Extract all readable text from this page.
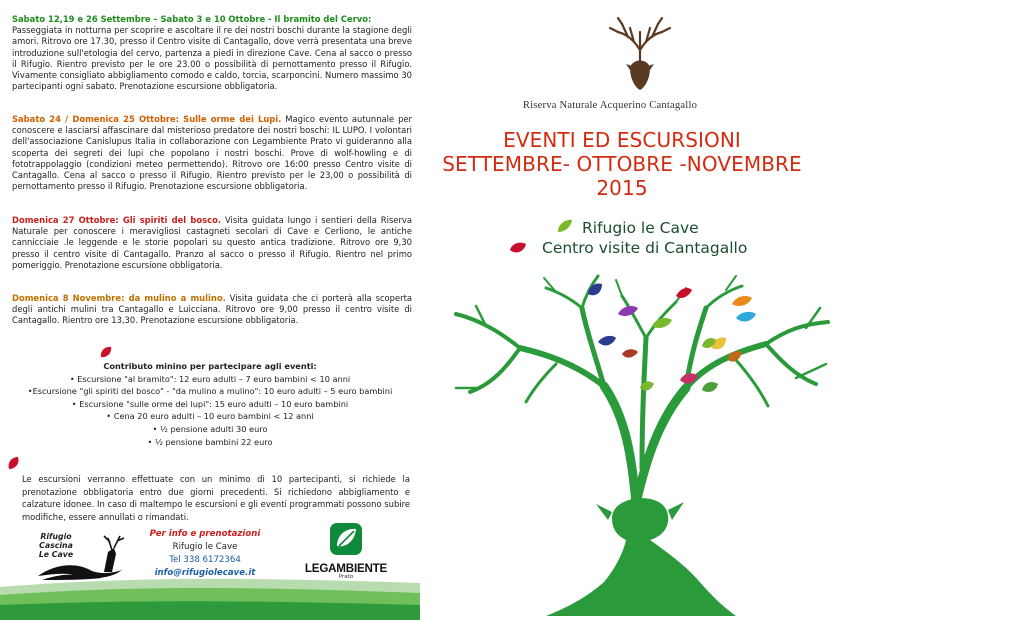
Sabato 12,19 e 26 Settembre – Sabato 3 e 10 Ottobre - Il bramito del Cervo:
Passeggiata in notturna per scoprire e ascoltare il re dei nostri boschi durante la stagione degli amori. Ritrovo ore 17.30, presso il Centro visite di Cantagallo, dove verrà presentata una breve introduzione sull'etologia del cervo, partenza a piedi in direzione Cave. Cena al sacco o presso il Rifugio. Rientro previsto per le ore 23.00 o possibilità di pernottamento presso il Rifugio. Vivamente consigliato abbigliamento comodo e caldo, torcia, scarponcini. Numero massimo 30 partecipanti ogni sabato. Prenotazione escursione obbligatoria.

Sabato 24 / Domenica 25 Ottobre: Sulle orme dei Lupi. Magico evento autunnale per conoscere e lasciarsi affascinare dal misterioso predatore dei nostri boschi: IL LUPO. I volontari dell'associazione Canislupus Italia in collaborazione con Legambiente Prato vi guideranno alla scoperta dei segreti dei lupi che popolano i nostri boschi. Prove di wolf-howling e di fototrappolaggio (condizioni meteo permettendo). Ritrovo ore 16:00 presso Centro visite di Cantagallo. Cena al sacco o presso il Rifugio. Rientro previsto per le 23,00 o possibilità di pernottamento presso il Rifugio. Prenotazione escursione obbligatoria.

Domenica 27 Ottobre: Gli spiriti del bosco. Visita guidata lungo i sentieri della Riserva Naturale per conoscere i meravigliosi castagneti secolari di Cave e Cerliono, le antiche cannicciaie .le leggende e le storie popolari su questo antica tradizione. Ritrovo ore 9,30 presso il centro visite di Cantagallo. Pranzo al sacco o presso il Rifugio. Rientro nel primo pomeriggio. Prenotazione escursione obbligatoria.

Domenica 8 Novembre: da mulino a mulino. Visita guidata che ci porterà alla scoperta degli antichi mulini tra Cantagallo e Luicciana. Ritrovo ore 9,00 presso il centro visite di Cantagallo. Rientro ore 13,30. Prenotazione escursione obbligatoria.

Contributo minino per partecipare agli eventi:
• Escursione "al bramito": 12 euro adulti – 7 euro bambini < 10 anni
•Escursione "gli spiriti del bosco" - "da mulino a mulino": 10 euro adulti – 5 euro bambini
• Escursione "sulle orme dei lupi": 15 euro adulti – 10 euro bambini
• Cena 20 euro adulti – 10 euro bambini < 12 anni
• ½ pensione adulti 30 euro
• ½ pensione bambini 22 euro

Le escursioni verranno effettuate con un minimo di 10 partecipanti, si richiede la prenotazione obbligatoria entro due giorni precedenti. Si richiedono abbigliamento e calzature idonee. In caso di maltempo le escursioni e gli eventi programmati possono subire modifiche, essere annullati o rimandati.

Rifugio Cascina
Le Cave
Per info e prenotazioni
Rifugio le Cave
Tel 338 6172364
info@rifugiolecave.it	LEGAMBIENTE
Prato
Riserva Naturale Acquerino Cantagallo
EVENTI ED ESCURSIONI
SETTEMBRE- OTTOBRE -NOVEMBRE
2015
Rifugio le Cave
Centro visite di Cantagallo
